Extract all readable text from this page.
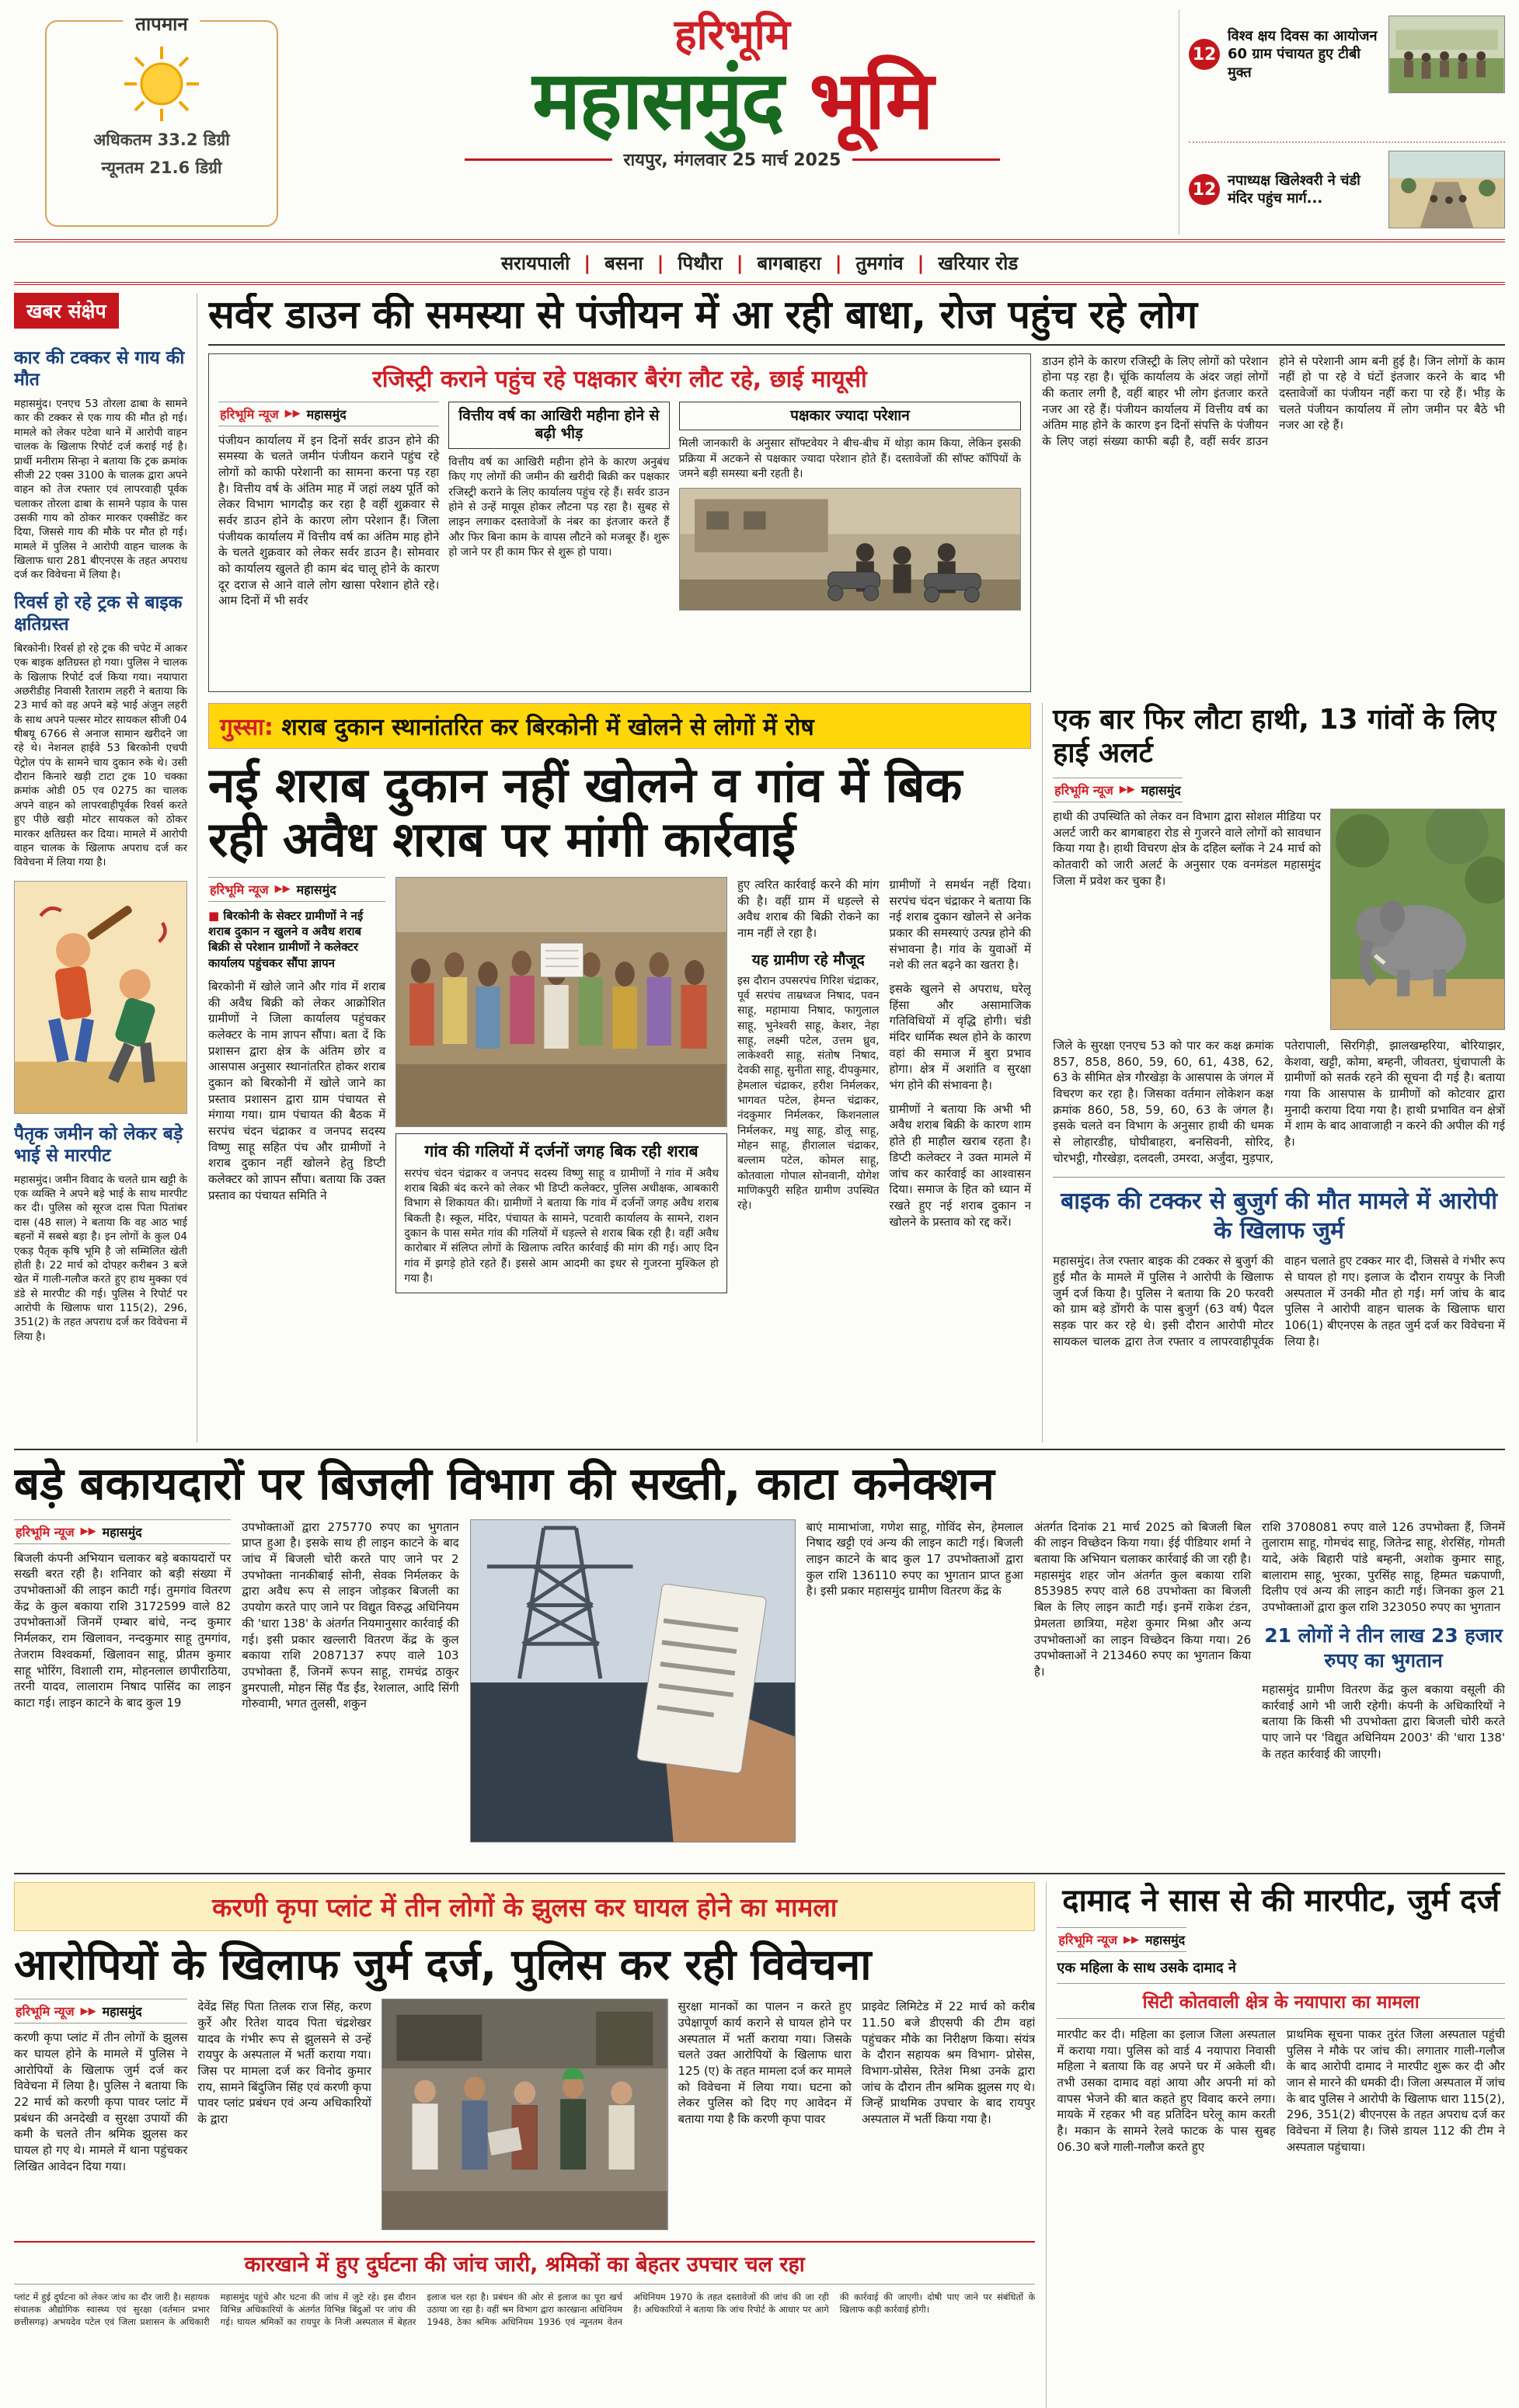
तापमान
अधिकतम 33.2 डिग्री
न्यूनतम 21.6 डिग्री
हरिभूमि
महासमुंद भूमि
रायपुर, मंगलवार 25 मार्च 2025
12
विश्व क्षय दिवस का आयोजन 60 ग्राम पंचायत हुए टीबी मुक्त
12 नपाध्यक्ष खिलेश्वरी ने चंडी मंदिर पहुंच मार्ग...
सरायपाली | बसना | पिथौरा | बागबाहरा | तुमगांव | खरियार रोड
खबर संक्षेप
कार की टक्कर से गाय की मौत

महासमुंद। एनएच 53 तोरला ढाबा के सामने कार की टक्कर से एक गाय की मौत हो गई। मामले को लेकर पटेवा थाने में आरोपी वाहन चालक के खिलाफ रिपोर्ट दर्ज कराई गई है। प्रार्थी मनीराम सिन्हा ने बताया कि ट्रक क्रमांक सीजी 22 एक्स 3100 के चालक द्वारा अपने वाहन को तेज रफ्तार एवं लापरवाही पूर्वक चलाकर तोरला ढाबा के सामने पड़ाव के पास उसकी गाय को ठोकर मारकर एक्सीडेंट कर दिया, जिससे गाय की मौके पर मौत हो गई। मामले में पुलिस ने आरोपी वाहन चालक के खिलाफ धारा 281 बीएनएस के तहत अपराध दर्ज कर विवेचना में लिया है।

रिवर्स हो रहे ट्रक से बाइक क्षतिग्रस्त

बिरकोनी। रिवर्स हो रहे ट्रक की चपेट में आकर एक बाइक क्षतिग्रस्त हो गया। पुलिस ने चालक के खिलाफ रिपोर्ट दर्ज किया गया। नयापारा अछरीडीह निवासी रैताराम लहरी ने बताया कि 23 मार्च को वह अपने बड़े भाई अंजुन लहरी के साथ अपने पल्सर मोटर सायकल सीजी 04 षीबयू 6766 से अनाज सामान खरीदने जा रहे थे। नेशनल हाईवे 53 बिरकोनी एचपी पेट्रोल पंप के सामने चाय दुकान रुके थे। उसी दौरान किनारे खड़ी टाटा ट्रक 10 चक्का क्रमांक ओडी 05 एव 0275 का चालक अपने वाहन को लापरवाहीपूर्वक रिवर्स करते हुए पीछे खड़ी मोटर सायकल को ठोकर मारकर क्षतिग्रस्त कर दिया। मामले में आरोपी वाहन चालक के खिलाफ अपराध दर्ज कर विवेचना में लिया गया है।

पैतृक जमीन को लेकर बड़े भाई से मारपीट

महासमुंद। जमीन विवाद के चलते ग्राम खट्टी के एक व्यक्ति ने अपने बड़े भाई के साथ मारपीट कर दी। पुलिस को सूरज दास पिता पितांबर दास (48 साल) ने बताया कि वह आठ भाई बहनों में सबसे बड़ा है। इन लोगों के कुल 04 एकड़ पैतृक कृषि भूमि है जो सम्मिलित खेती होती है। 22 मार्च को दोपहर करीबन 3 बजे खेत में गाली-गलौज करते हुए हाथ मुक्का एवं डंडे से मारपीट की गई। पुलिस ने रिपोर्ट पर आरोपी के खिलाफ धारा 115(2), 296, 351(2) के तहत अपराध दर्ज कर विवेचना में लिया है।

सर्वर डाउन की समस्या से पंजीयन में आ रही बाधा, रोज पहुंच रहे लोग
रजिस्ट्री कराने पहुंच रहे पक्षकार बैरंग लौट रहे, छाई मायूसी
हरिभूमि न्यूज ▶▶ महासमुंद

पंजीयन कार्यालय में इन दिनों सर्वर डाउन होने की समस्या के चलते जमीन पंजीयन कराने पहुंच रहे लोगों को काफी परेशानी का सामना करना पड़ रहा है। वित्तीय वर्ष के अंतिम माह में जहां लक्ष्य पूर्ति को लेकर विभाग भागदौड़ कर रहा है वहीं शुक्रवार से सर्वर डाउन होने के कारण लोग परेशान हैं। जिला पंजीयक कार्यालय में वित्तीय वर्ष का अंतिम माह होने के चलते शुक्रवार को लेकर सर्वर डाउन है। सोमवार को कार्यालय खुलते ही काम बंद चालू होने के कारण दूर दराज से आने वाले लोग खासा परेशान होते रहे। आम दिनों में भी सर्वर

वित्तीय वर्ष का आखिरी महीना होने से बढ़ी भीड़

वित्तीय वर्ष का आखिरी महीना होने के कारण अनुबंध किए गए लोगों की जमीन की खरीदी बिक्री कर पक्षकार रजिस्ट्री कराने के लिए कार्यालय पहुंच रहे हैं। सर्वर डाउन होने से उन्हें मायूस होकर लौटना पड़ रहा है। सुबह से लाइन लगाकर दस्तावेजों के नंबर का इंतजार करते हैं और फिर बिना काम के वापस लौटने को मजबूर हैं। शुरू हो जाने पर ही काम फिर से शुरू हो पाया।

पक्षकार ज्यादा परेशान

मिली जानकारी के अनुसार सॉफ्टवेयर ने बीच-बीच में थोड़ा काम किया, लेकिन इसकी प्रक्रिया में अटकने से पक्षकार ज्यादा परेशान होते हैं। दस्तावेजों की सॉफ्ट कॉपियों के जमने बड़ी समस्या बनी रहती है।

डाउन होने के कारण रजिस्ट्री के लिए लोगों को परेशान होना पड़ रहा है। चूंकि कार्यालय के अंदर जहां लोगों की कतार लगी है, वहीं बाहर भी लोग इंतजार करते नजर आ रहे हैं। पंजीयन कार्यालय में वित्तीय वर्ष का अंतिम माह होने के कारण इन दिनों संपत्ति के पंजीयन के लिए जहां संख्या काफी बढ़ी है, वहीं सर्वर डाउन होने से परेशानी आम बनी हुई है। जिन लोगों के काम नहीं हो पा रहे वे घंटों इंतजार करने के बाद भी दस्तावेजों का पंजीयन नहीं करा पा रहे हैं। भीड़ के चलते पंजीयन कार्यालय में लोग जमीन पर बैठे भी नजर आ रहे हैं।
गुस्सा: शराब दुकान स्थानांतरित कर बिरकोनी में खोलने से लोगों में रोष
नई शराब दुकान नहीं खोलने व गांव में बिक रही अवैध शराब पर मांगी कार्रवाई
हरिभूमि न्यूज ▶▶ महासमुंद
■ बिरकोनी के सेक्टर ग्रामीणों ने नई शराब दुकान न खुलने व अवैध शराब बिक्री से परेशान ग्रामीणों ने कलेक्टर कार्यालय पहुंचकर सौंपा ज्ञापन

बिरकोनी में खोले जाने और गांव में शराब की अवैध बिक्री को लेकर आक्रोशित ग्रामीणों ने जिला कार्यालय पहुंचकर कलेक्टर के नाम ज्ञापन सौंपा। बता दें कि प्रशासन द्वारा क्षेत्र के अंतिम छोर व आसपास अनुसार स्थानांतरित होकर शराब दुकान को बिरकोनी में खोले जाने का प्रस्ताव प्रशासन द्वारा ग्राम पंचायत से मंगाया गया। ग्राम पंचायत की बैठक में सरपंच चंदन चंद्राकर व जनपद सदस्य विष्णु साहू सहित पंच और ग्रामीणों ने शराब दुकान नहीं खोलने हेतु डिप्टी कलेक्टर को ज्ञापन सौंपा। बताया कि उक्त प्रस्ताव का पंचायत समिति ने

गांव की गलियों में दर्जनों जगह बिक रही शराब

सरपंच चंदन चंद्राकर व जनपद सदस्य विष्णु साहू व ग्रामीणों ने गांव में अवैध शराब बिक्री बंद करने को लेकर भी डिप्टी कलेक्टर, पुलिस अधीक्षक, आबकारी विभाग से शिकायत की। ग्रामीणों ने बताया कि गांव में दर्जनों जगह अवैध शराब बिकती है। स्कूल, मंदिर, पंचायत के सामने, पटवारी कार्यालय के सामने, राशन दुकान के पास समेत गांव की गलियों में धड़ल्ले से शराब बिक रही है। वहीं अवैध कारोबार में संलिप्त लोगों के खिलाफ त्वरित कार्रवाई की मांग की गई। आए दिन गांव में झगड़े होते रहते हैं। इससे आम आदमी का इधर से गुजरना मुश्किल हो गया है।

हुए त्वरित कार्रवाई करने की मांग की है। वहीं ग्राम में धड़ल्ले से अवैध शराब की बिक्री रोकने का नाम नहीं ले रहा है।

यह ग्रामीण रहे मौजूद

इस दौरान उपसरपंच गिरिश चंद्राकर, पूर्व सरपंच ताम्रध्वज निषाद, पवन साहू, महामाया निषाद, फागुलाल साहू, भुनेश्वरी साहू, केशर, नेहा साहू, लक्ष्मी पटेल, उत्तम ध्रुव, लाकेश्वरी साहू, संतोष निषाद, देवकी साहू, सुनीता साहू, दीपकुमार, हेमलाल चंद्राकर, हरीश निर्मलकर, भागवत पटेल, हेमन्त चंद्राकर, नंदकुमार निर्मलकर, किशनलाल निर्मलकर, मधु साहू, डोलू साहू, मोहन साहू, हीरालाल चंद्राकर, बल्लाम पटेल, कोमल साहू, कोतवाला गोपाल सोनवानी, योगेश माणिकपुरी सहित ग्रामीण उपस्थित रहे।

ग्रामीणों ने समर्थन नहीं दिया। सरपंच चंदन चंद्राकर ने बताया कि नई शराब दुकान खोलने से अनेक प्रकार की समस्याएं उत्पन्न होने की संभावना है। गांव के युवाओं में नशे की लत बढ़ने का खतरा है।

इसके खुलने से अपराध, घरेलू हिंसा और असामाजिक गतिविधियों में वृद्धि होगी। चंडी मंदिर धार्मिक स्थल होने के कारण वहां की समाज में बुरा प्रभाव होगा। क्षेत्र में अशांति व सुरक्षा भंग होने की संभावना है।

ग्रामीणों ने बताया कि अभी भी अवैध शराब बिक्री के कारण शाम होते ही माहौल खराब रहता है। डिप्टी कलेक्टर ने उक्त मामले में जांच कर कार्रवाई का आश्वासन दिया। समाज के हित को ध्यान में रखते हुए नई शराब दुकान न खोलने के प्रस्ताव को रद्द करें।

एक बार फिर लौटा हाथी, 13 गांवों के लिए हाई अलर्ट
हरिभूमि न्यूज ▶▶ महासमुंद

हाथी की उपस्थिति को लेकर वन विभाग द्वारा सोशल मीडिया पर अलर्ट जारी कर बागबाहरा रोड से गुजरने वाले लोगों को सावधान किया गया है। हाथी विचरण क्षेत्र के दहिल ब्लॉक ने 24 मार्च को कोतवारी को जारी अलर्ट के अनुसार एक वनमंडल महासमुंद जिला में प्रवेश कर चुका है।

जिले के सुरक्षा एनएच 53 को पार कर कक्ष क्रमांक 857, 858, 860, 59, 60, 61, 438, 62, 63 के सीमित क्षेत्र गौरखेड़ा के आसपास के जंगल में विचरण कर रहा है। जिसका वर्तमान लोकेशन कक्ष क्रमांक 860, 58, 59, 60, 63 के जंगल है। इसके चलते वन विभाग के अनुसार हाथी की धमक से लोहारडीह, घोघीबाहरा, बनसिवनी, सोरिद, चोरभट्ठी, गौरखेड़ा, दलदली, उमरदा, अर्जुंदा, मुड़पार, पतेरापाली, सिरगिड़ी, झालखम्हरिया, बोरियाझर, केशवा, खट्टी, कोमा, बम्हनी, जीवतरा, घुंचापाली के ग्रामीणों को सतर्क रहने की सूचना दी गई है। बताया गया कि आसपास के ग्रामीणों को कोटवार द्वारा मुनादी कराया दिया गया है। हाथी प्रभावित वन क्षेत्रों में शाम के बाद आवाजाही न करने की अपील की गई है।
बाइक की टक्कर से बुजुर्ग की मौत मामले में आरोपी के खिलाफ जुर्म
महासमुंद। तेज रफ्तार बाइक की टक्कर से बुजुर्ग की हुई मौत के मामले में पुलिस ने आरोपी के खिलाफ जुर्म दर्ज किया है। पुलिस ने बताया कि 20 फरवरी को ग्राम बड़े डोंगरी के पास बुजुर्ग (63 वर्ष) पैदल सड़क पार कर रहे थे। इसी दौरान आरोपी मोटर सायकल चालक द्वारा तेज रफ्तार व लापरवाहीपूर्वक वाहन चलाते हुए टक्कर मार दी, जिससे वे गंभीर रूप से घायल हो गए। इलाज के दौरान रायपुर के निजी अस्पताल में उनकी मौत हो गई। मर्ग जांच के बाद पुलिस ने आरोपी वाहन चालक के खिलाफ धारा 106(1) बीएनएस के तहत जुर्म दर्ज कर विवेचना में लिया है।
बड़े बकायदारों पर बिजली विभाग की सख्ती, काटा कनेक्शन
हरिभूमि न्यूज ▶▶ महासमुंद

बिजली कंपनी अभियान चलाकर बड़े बकायदारों पर सख्ती बरत रही है। शनिवार को बड़ी संख्या में उपभोक्ताओं की लाइन काटी गई। तुमगांव वितरण केंद्र के कुल बकाया राशि 3172599 वाले 82 उपभोक्ताओं जिनमें एम्बार बांधे, नन्द कुमार निर्मलकर, राम खिलावन, नन्दकुमार साहू तुमगांव, तेजराम विश्वकर्मा, खिलावन साहू, प्रीतम कुमार साहू भोरिंग, विशाली राम, मोहनलाल छापीराठिया, तरनी यादव, लालाराम निषाद पासिंद का लाइन काटा गई। लाइन काटने के बाद कुल 19

उपभोक्ताओं द्वारा 275770 रुपए का भुगतान प्राप्त हुआ है। इसके साथ ही लाइन काटने के बाद जांच में बिजली चोरी करते पाए जाने पर 2 उपभोक्ता नानकीबाई सोनी, सेवक निर्मलकर के द्वारा अवैध रूप से लाइन जोड़कर बिजली का उपयोग करते पाए जाने पर विद्युत विरुद्ध अधिनियम की 'धारा 138' के अंतर्गत नियमानुसार कार्रवाई की गई। इसी प्रकार खल्लारी वितरण केंद्र के कुल बकाया राशि 2087137 रुपए वाले 103 उपभोक्ता हैं, जिनमें रूपन साहू, रामचंद्र ठाकुर डुमरपाली, मोहन सिंह पैंड ईंड, रेशलाल, आदि सिंगी गोरुवामी, भगत तुलसी, शकुन

बाएं मामाभांजा, गणेश साहू, गोविंद सेन, हेमलाल निषाद खट्टी एवं अन्य की लाइन काटी गई। बिजली लाइन काटने के बाद कुल 17 उपभोक्ताओं द्वारा कुल राशि 136110 रुपए का भुगतान प्राप्त हुआ है। इसी प्रकार महासमुंद ग्रामीण वितरण केंद्र के

अंतर्गत दिनांक 21 मार्च 2025 को बिजली बिल की लाइन विच्छेदन किया गया। ईई पीडियार शर्मा ने बताया कि अभियान चलाकर कार्रवाई की जा रही है। महासमुंद शहर जोन अंतर्गत कुल बकाया राशि 853985 रुपए वाले 68 उपभोक्ता का बिजली बिल के लिए लाइन काटी गई। इनमें राकेश टंडन, प्रेमलता छात्रिया, महेश कुमार मिश्रा और अन्य उपभोक्ताओं का लाइन विच्छेदन किया गया। 26 उपभोक्ताओं ने 213460 रुपए का भुगतान किया है।

राशि 3708081 रुपए वाले 126 उपभोक्ता हैं, जिनमें तुलाराम साहू, गोमचंद साहू, जितेन्द्र साहू, शेरसिंह, गोमती यादे, अंके बिहारी पांडे बम्हनी, अशोक कुमार साहू, बालाराम साहू, भुरका, पुरसिंह साहू, हिम्मत चक्रपाणी, दिलीप एवं अन्य की लाइन काटी गई। जिनका कुल 21 उपभोक्ताओं द्वारा कुल राशि 323050 रुपए का भुगतान

21 लोगों ने तीन लाख 23 हजार रुपए का भुगतान

महासमुंद ग्रामीण वितरण केंद्र कुल बकाया वसूली की कार्रवाई आगे भी जारी रहेगी। कंपनी के अधिकारियों ने बताया कि किसी भी उपभोक्ता द्वारा बिजली चोरी करते पाए जाने पर 'विद्युत अधिनियम 2003' की 'धारा 138' के तहत कार्रवाई की जाएगी।

करणी कृपा प्लांट में तीन लोगों के झुलस कर घायल होने का मामला
आरोपियों के खिलाफ जुर्म दर्ज, पुलिस कर रही विवेचना
हरिभूमि न्यूज ▶▶ महासमुंद

करणी कृपा प्लांट में तीन लोगों के झुलस कर घायल होने के मामले में पुलिस ने आरोपियों के खिलाफ जुर्म दर्ज कर विवेचना में लिया है। पुलिस ने बताया कि 22 मार्च को करणी कृपा पावर प्लांट में प्रबंधन की अनदेखी व सुरक्षा उपायों की कमी के चलते तीन श्रमिक झुलस कर घायल हो गए थे। मामले में थाना पहुंचकर लिखित आवेदन दिया गया।

देवेंद्र सिंह पिता तिलक राज सिंह, करण कुर्रे और रितेश यादव पिता चंद्रशेखर यादव के गंभीर रूप से झुलसने से उन्हें रायपुर के अस्पताल में भर्ती कराया गया। जिस पर मामला दर्ज कर विनोद कुमार राय, सामने बिंदुजिन सिंह एवं करणी कृपा पावर प्लांट प्रबंधन एवं अन्य अधिकारियों के द्वारा

सुरक्षा मानकों का पालन न करते हुए उपेक्षापूर्ण कार्य कराने से घायल होने पर अस्पताल में भर्ती कराया गया। जिसके चलते उक्त आरोपियों के खिलाफ धारा 125 (ए) के तहत मामला दर्ज कर मामले को विवेचना में लिया गया। घटना को लेकर पुलिस को दिए गए आवेदन में बताया गया है कि करणी कृपा पावर

प्राइवेट लिमिटेड में 22 मार्च को करीब 11.50 बजे डीएसपी की टीम वहां पहुंचकर मौके का निरीक्षण किया। संयंत्र के दौरान सहायक श्रम विभाग- प्रोसेस, विभाग-प्रोसेस, रितेश मिश्रा उनके द्वारा जांच के दौरान तीन श्रमिक झुलस गए थे। जिन्हें प्राथमिक उपचार के बाद रायपुर अस्पताल में भर्ती किया गया है।

कारखाने में हुए दुर्घटना की जांच जारी, श्रमिकों का बेहतर उपचार चल रहा
प्लांट में हुई दुर्घटना को लेकर जांच का दौर जारी है। सहायक संचालक औद्योगिक स्वास्थ्य एवं सुरक्षा (वर्तमान प्रभार छत्तीसगढ़) अभयदेव पटेल एवं जिला प्रशासन के अधिकारी महासमुंद पहुंचे और घटना की जांच में जुटे रहे। इस दौरान विभिन्न अधिकारियों के अंतर्गत विभिन्न बिंदुओं पर जांच की गई। घायल श्रमिकों का रायपुर के निजी अस्पताल में बेहतर इलाज चल रहा है। प्रबंधन की ओर से इलाज का पूरा खर्च उठाया जा रहा है। वहीं श्रम विभाग द्वारा कारखाना अधिनियम 1948, ठेका श्रमिक अधिनियम 1936 एवं न्यूनतम वेतन अधिनियम 1970 के तहत दस्तावेजों की जांच की जा रही है। अधिकारियों ने बताया कि जांच रिपोर्ट के आधार पर आगे की कार्रवाई की जाएगी। दोषी पाए जाने पर संबंधितों के खिलाफ कड़ी कार्रवाई होगी।
दामाद ने सास से की मारपीट, जुर्म दर्ज
हरिभूमि न्यूज ▶▶ महासमुंद
एक महिला के साथ उसके दामाद ने
सिटी कोतवाली क्षेत्र के नयापारा का मामला

मारपीट कर दी। महिला का इलाज जिला अस्पताल में कराया गया। पुलिस को वार्ड 4 नयापारा निवासी महिला ने बताया कि वह अपने घर में अकेली थी। तभी उसका दामाद वहां आया और अपनी मां को वापस भेजने की बात कहते हुए विवाद करने लगा। मायके में रहकर भी वह प्रतिदिन घरेलू काम करती है। मकान के सामने रेलवे फाटक के पास सुबह 06.30 बजे गाली-गलौज करते हुए

प्राथमिक सूचना पाकर तुरंत जिला अस्पताल पहुंची पुलिस ने मौके पर जांच की। लगातार गाली-गलौज के बाद आरोपी दामाद ने मारपीट शुरू कर दी और जान से मारने की धमकी दी। जिला अस्पताल में जांच के बाद पुलिस ने आरोपी के खिलाफ धारा 115(2), 296, 351(2) बीएनएस के तहत अपराध दर्ज कर विवेचना में लिया है। जिसे डायल 112 की टीम ने अस्पताल पहुंचाया।
